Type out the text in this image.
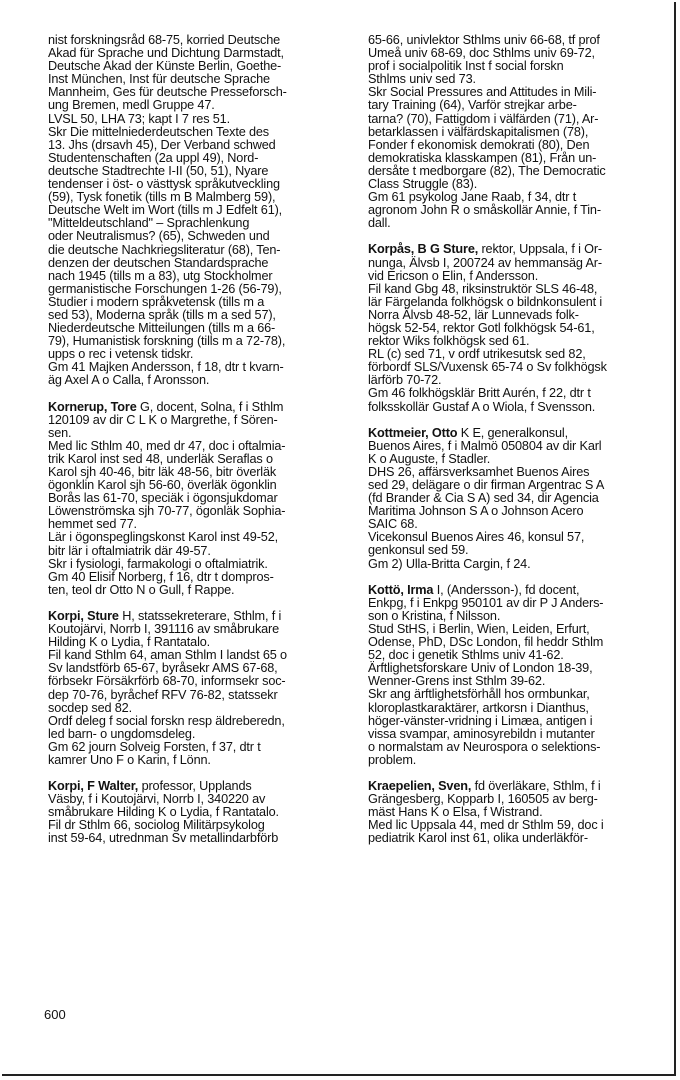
nist forskningsråd 68-75, korried Deutsche
Akad für Sprache und Dichtung Darmstadt,
Deutsche Akad der Künste Berlin, Goethe-
Inst München, Inst für deutsche Sprache
Mannheim, Ges für deutsche Presseforsch-
ung Bremen, medl Gruppe 47.
LVSL 50, LHA 73; kapt I 7 res 51.
Skr Die mittelniederdeutschen Texte des
13. Jhs (drsavh 45), Der Verband schwed
Studentenschaften (2a uppl 49), Nord-
deutsche Stadtrechte I-II (50, 51), Nyare
tendenser i öst- o västtysk språkutveckling
(59), Tysk fonetik (tills m B Malmberg 59),
Deutsche Welt im Wort (tills m J Edfelt 61),
"Mitteldeutschland" – Sprachlenkung
oder Neutralismus? (65), Schweden und
die deutsche Nachkriegsliteratur (68), Ten-
denzen der deutschen Standardsprache
nach 1945 (tills m a 83), utg Stockholmer
germanistische Forschungen 1-26 (56-79),
Studier i modern språkvetensk (tills m a
sed 53), Moderna språk (tills m a sed 57),
Niederdeutsche Mitteilungen (tills m a 66-
79), Humanistisk forskning (tills m a 72-78),
upps o rec i vetensk tidskr.
Gm 41 Majken Andersson, f 18, dtr t kvarn-
äg Axel A o Calla, f Aronsson.
Kornerup, Tore G, docent, Solna, f i Sthlm
120109 av dir C L K o Margrethe, f Sören-
sen.
Med lic Sthlm 40, med dr 47, doc i oftalmia-
trik Karol inst sed 48, underläk Seraflas o
Karol sjh 40-46, bitr läk 48-56, bitr överläk
ögonklin Karol sjh 56-60, överläk ögonklin
Borås las 61-70, speciäk i ögonsjukdomar
Löwenströmska sjh 70-77, ögonläk Sophia-
hemmet sed 77.
Lär i ögonspeglingskonst Karol inst 49-52,
bitr lär i oftalmiatrik där 49-57.
Skr i fysiologi, farmakologi o oftalmiatrik.
Gm 40 Elisif Norberg, f 16, dtr t dompros-
ten, teol dr Otto N o Gull, f Rappe.
Korpi, Sture H, statssekreterare, Sthlm, f i
Koutojärvi, Norrb I, 391116 av småbrukare
Hilding K o Lydia, f Rantatalo.
Fil kand Sthlm 64, aman Sthlm I landst 65 o
Sv landstförb 65-67, byråsekr AMS 67-68,
förbsekr Försäkrförb 68-70, informsekr soc-
dep 70-76, byråchef RFV 76-82, statssekr
socdep sed 82.
Ordf deleg f social forskn resp äldreberedn,
led barn- o ungdomsdeleg.
Gm 62 journ Solveig Forsten, f 37, dtr t
kamrer Uno F o Karin, f Lönn.
Korpi, F Walter, professor, Upplands
Väsby, f i Koutojärvi, Norrb I, 340220 av
småbrukare Hilding K o Lydia, f Rantatalo.
Fil dr Sthlm 66, sociolog Militärpsykolog
inst 59-64, utrednman Sv metallindarbförb
65-66, univlektor Sthlms univ 66-68, tf prof
Umeå univ 68-69, doc Sthlms univ 69-72,
prof i socialpolitik Inst f social forskn
Sthlms univ sed 73.
Skr Social Pressures and Attitudes in Mili-
tary Training (64), Varför strejkar arbe-
tarna? (70), Fattigdom i välfärden (71), Ar-
betarklassen i välfärdskapitalismen (78),
Fonder f ekonomisk demokrati (80), Den
demokratiska klasskampen (81), Från un-
dersåte t medborgare (82), The Democratic
Class Struggle (83).
Gm 61 psykolog Jane Raab, f 34, dtr t
agronom John R o småskollär Annie, f Tin-
dall.
Korpås, B G Sture, rektor, Uppsala, f i Or-
nunga, Älvsb I, 200724 av hemmansäg Ar-
vid Ericson o Elin, f Andersson.
Fil kand Gbg 48, riksinstruktör SLS 46-48,
lär Färgelanda folkhögsk o bildnkonsulent i
Norra Älvsb 48-52, lär Lunnevads folk-
högsk 52-54, rektor Gotl folkhögsk 54-61,
rektor Wiks folkhögsk sed 61.
RL (c) sed 71, v ordf utrikesutsk sed 82,
förbordf SLS/Vuxensk 65-74 o Sv folkhögsk
lärförb 70-72.
Gm 46 folkhögsklär Britt Aurén, f 22, dtr t
folksskollär Gustaf A o Wiola, f Svensson.
Kottmeier, Otto K E, generalkonsul,
Buenos Aires, f i Malmö 050804 av dir Karl
K o Auguste, f Stadler.
DHS 26, affärsverksamhet Buenos Aires
sed 29, delägare o dir firman Argentrac S A
(fd Brander & Cia S A) sed 34, dir Agencia
Maritima Johnson S A o Johnson Acero
SAIC 68.
Vicekonsul Buenos Aires 46, konsul 57,
genkonsul sed 59.
Gm 2) Ulla-Britta Cargin, f 24.
Kottö, Irma I, (Andersson-), fd docent,
Enkpg, f i Enkpg 950101 av dir P J Anders-
son o Kristina, f Nilsson.
Stud StHS, i Berlin, Wien, Leiden, Erfurt,
Odense, PhD, DSc London, fil heddr Sthlm
52, doc i genetik Sthlms univ 41-62.
Ärftlighetsforskare Univ of London 18-39,
Wenner-Grens inst Sthlm 39-62.
Skr ang ärftlighetsförhåll hos ormbunkar,
kloroplastkaraktärer, artkorsn i Dianthus,
höger-vänster-vridning i Limæa, antigen i
vissa svampar, aminosyrebildn i mutanter
o normalstam av Neurospora o selektions-
problem.
Kraepelien, Sven, fd överläkare, Sthlm, f i
Grängesberg, Kopparb I, 160505 av berg-
mäst Hans K o Elsa, f Wistrand.
Med lic Uppsala 44, med dr Sthlm 59, doc i
pediatrik Karol inst 61, olika underläkför-
600
